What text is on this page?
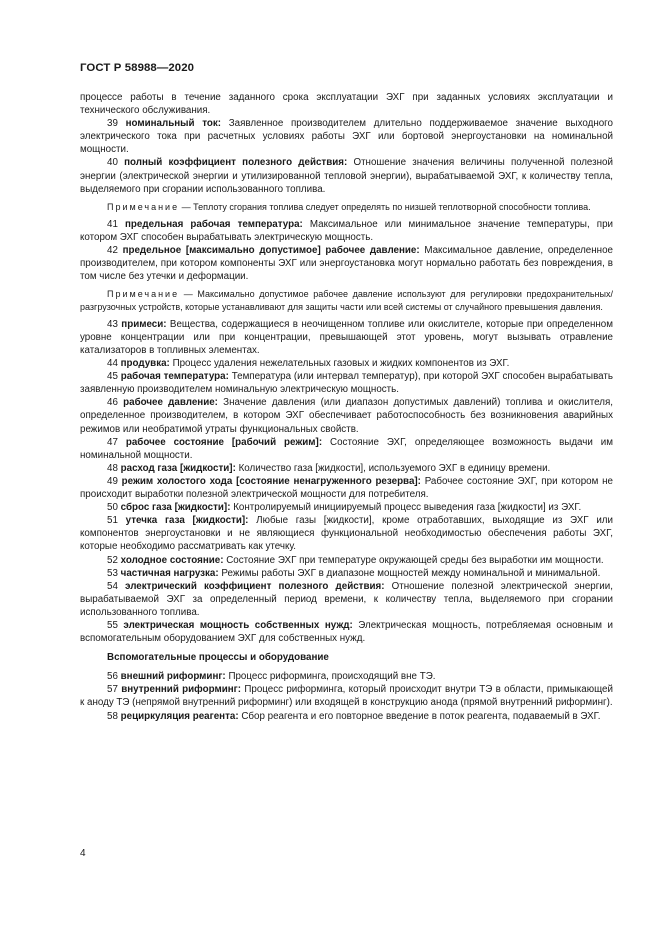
ГОСТ Р 58988—2020

процессе работы в течение заданного срока эксплуатации ЭХГ при заданных условиях эксплуатации и технического обслуживания.

39 номинальный ток: Заявленное производителем длительно поддерживаемое значение выходного электрического тока при расчетных условиях работы ЭХГ или бортовой энергоустановки на номинальной мощности.

40 полный коэффициент полезного действия: Отношение значения величины полученной полезной энергии (электрической энергии и утилизированной тепловой энергии), вырабатываемой ЭХГ, к количеству тепла, выделяемого при сгорании использованного топлива.

Примечание — Теплоту сгорания топлива следует определять по низшей теплотворной способности топлива.

41 предельная рабочая температура: Максимальное или минимальное значение температуры, при котором ЭХГ способен вырабатывать электрическую мощность.

42 предельное [максимально допустимое] рабочее давление: Максимальное давление, определенное производителем, при котором компоненты ЭХГ или энергоустановка могут нормально работать без повреждения, в том числе без утечки и деформации.

Примечание — Максимально допустимое рабочее давление используют для регулировки предохранительных/разгрузочных устройств, которые устанавливают для защиты части или всей системы от случайного превышения давления.

43 примеси: Вещества, содержащиеся в неочищенном топливе или окислителе, которые при определенном уровне концентрации или при концентрации, превышающей этот уровень, могут вызывать отравление катализаторов в топливных элементах.

44 продувка: Процесс удаления нежелательных газовых и жидких компонентов из ЭХГ.

45 рабочая температура: Температура (или интервал температур), при которой ЭХГ способен вырабатывать заявленную производителем номинальную электрическую мощность.

46 рабочее давление: Значение давления (или диапазон допустимых давлений) топлива и окислителя, определенное производителем, в котором ЭХГ обеспечивает работоспособность без возникновения аварийных режимов или необратимой утраты функциональных свойств.

47 рабочее состояние [рабочий режим]: Состояние ЭХГ, определяющее возможность выдачи им номинальной мощности.

48 расход газа [жидкости]: Количество газа [жидкости], используемого ЭХГ в единицу времени.

49 режим холостого хода [состояние ненагруженного резерва]: Рабочее состояние ЭХГ, при котором не происходит выработки полезной электрической мощности для потребителя.

50 сброс газа [жидкости]: Контролируемый инициируемый процесс выведения газа [жидкости] из ЭХГ.

51 утечка газа [жидкости]: Любые газы [жидкости], кроме отработавших, выходящие из ЭХГ или компонентов энергоустановки и не являющиеся функциональной необходимостью обеспечения работы ЭХГ, которые необходимо рассматривать как утечку.

52 холодное состояние: Состояние ЭХГ при температуре окружающей среды без выработки им мощности.

53 частичная нагрузка: Режимы работы ЭХГ в диапазоне мощностей между номинальной и минимальной.

54 электрический коэффициент полезного действия: Отношение полезной электрической энергии, вырабатываемой ЭХГ за определенный период времени, к количеству тепла, выделяемого при сгорании использованного топлива.

55 электрическая мощность собственных нужд: Электрическая мощность, потребляемая основным и вспомогательным оборудованием ЭХГ для собственных нужд.

Вспомогательные процессы и оборудование

56 внешний риформинг: Процесс риформинга, происходящий вне ТЭ.

57 внутренний риформинг: Процесс риформинга, который происходит внутри ТЭ в области, примыкающей к аноду ТЭ (непрямой внутренний риформинг) или входящей в конструкцию анода (прямой внутренний риформинг).

58 рециркуляция реагента: Сбор реагента и его повторное введение в поток реагента, подаваемый в ЭХГ.

4
